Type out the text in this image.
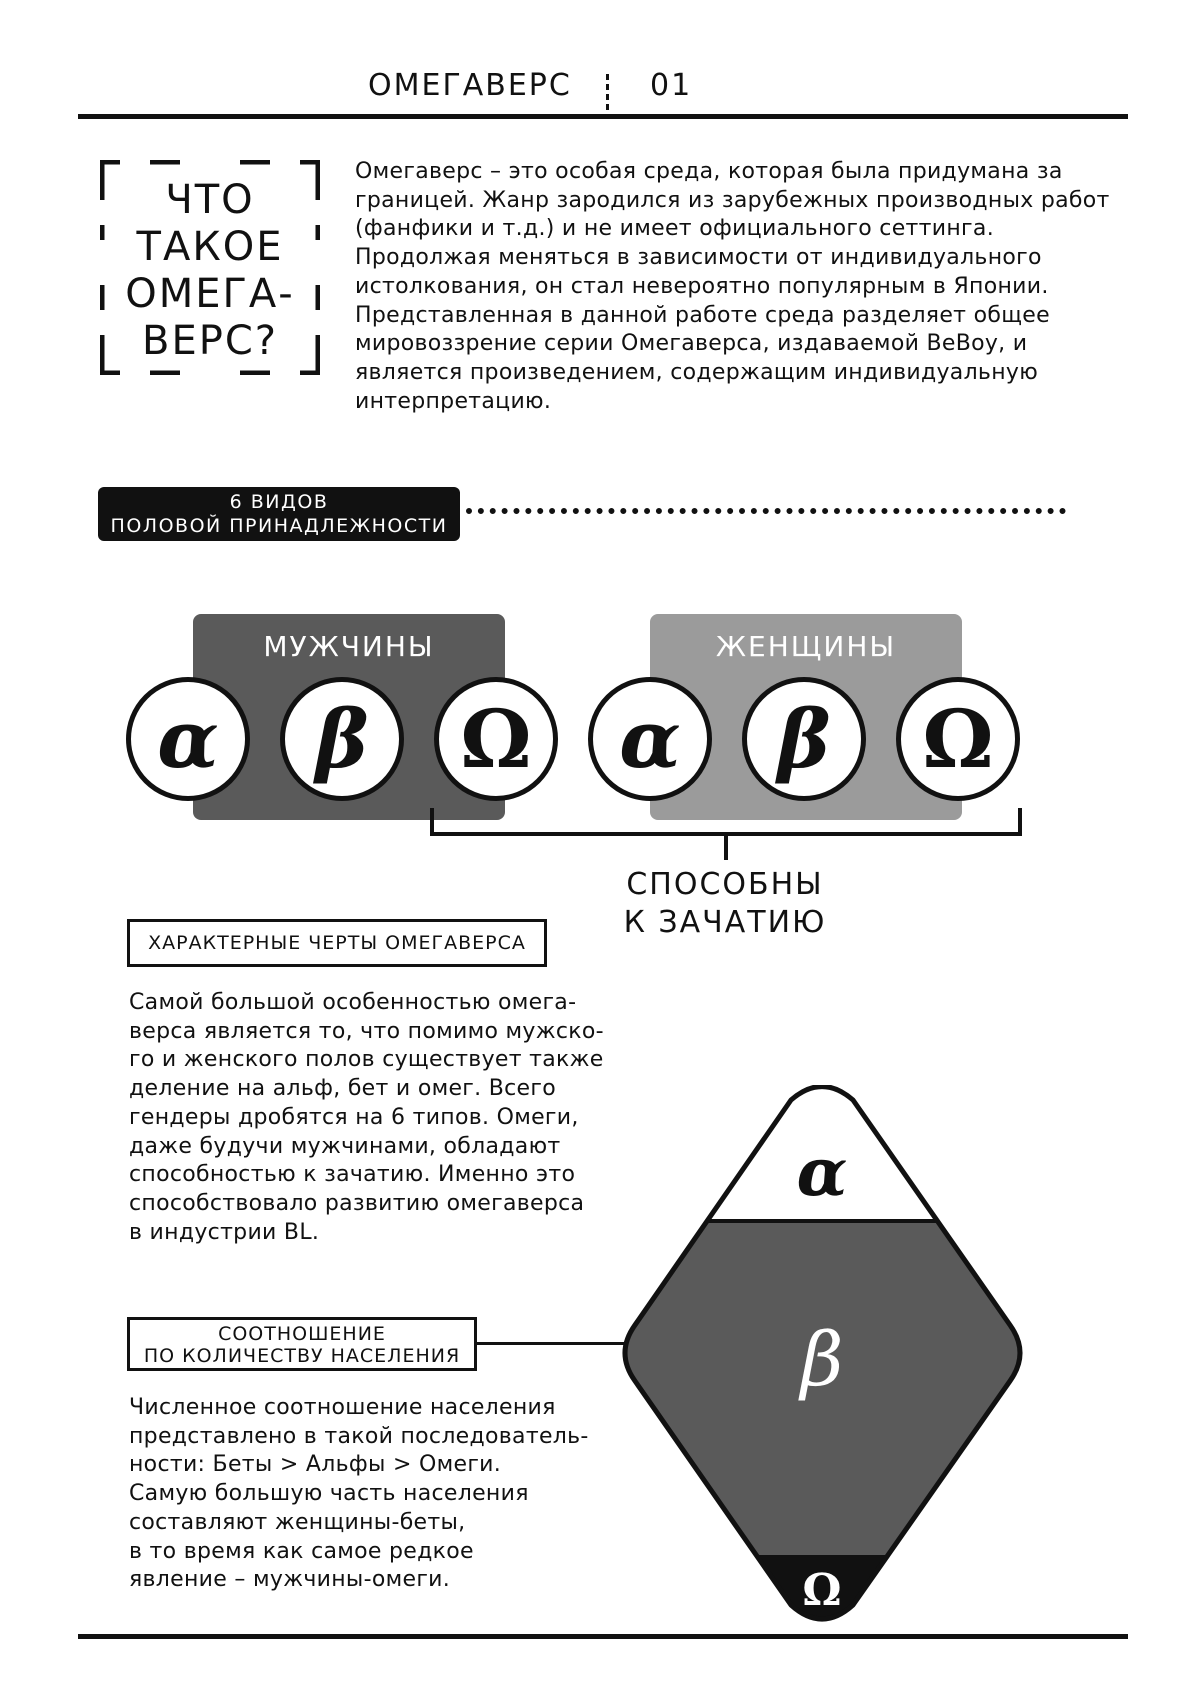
ОМЕГАВЕРС	01
ЧТО
ТАКОЕ
ОМЕГА-
ВЕРС?
Омегаверс – это особая среда, которая была придумана за границей. Жанр зародился из зарубежных производных работ (фанфики и т.д.) и не имеет официального сеттинга. Продолжая меняться в зависимости от индивидуального истолкования, он стал невероятно популярным в Японии. Представленная в данной работе среда разделяет общее мировоззрение серии Омегаверса, издаваемой BeBoy, и является произведением, содержащим индивидуальную интерпретацию.
6 ВИДОВ
ПОЛОВОЙ ПРИНАДЛЕЖНОСТИ
МУЖЧИНЫ	ЖЕНЩИНЫ
α β Ω α β Ω
СПОСОБНЫ
К ЗАЧАТИЮ
ХАРАКТЕРНЫЕ ЧЕРТЫ ОМЕГАВЕРСА
Самой большой особенностью омега-
верса является то, что помимо мужско-
го и женского полов существует также
деление на альф, бет и омег. Всего
гендеры дробятся на 6 типов. Омеги,
даже будучи мужчинами, обладают
способностью к зачатию. Именно это
способствовало развитию омегаверса
в индустрии BL.
СООТНОШЕНИЕ
ПО КОЛИЧЕСТВУ НАСЕЛЕНИЯ
Численное соотношение населения
представлено в такой последователь-
ности: Беты > Альфы > Омеги.
Самую большую часть населения
составляют женщины-беты,
в то время как самое редкое
явление – мужчины-омеги.
α
β
Ω
